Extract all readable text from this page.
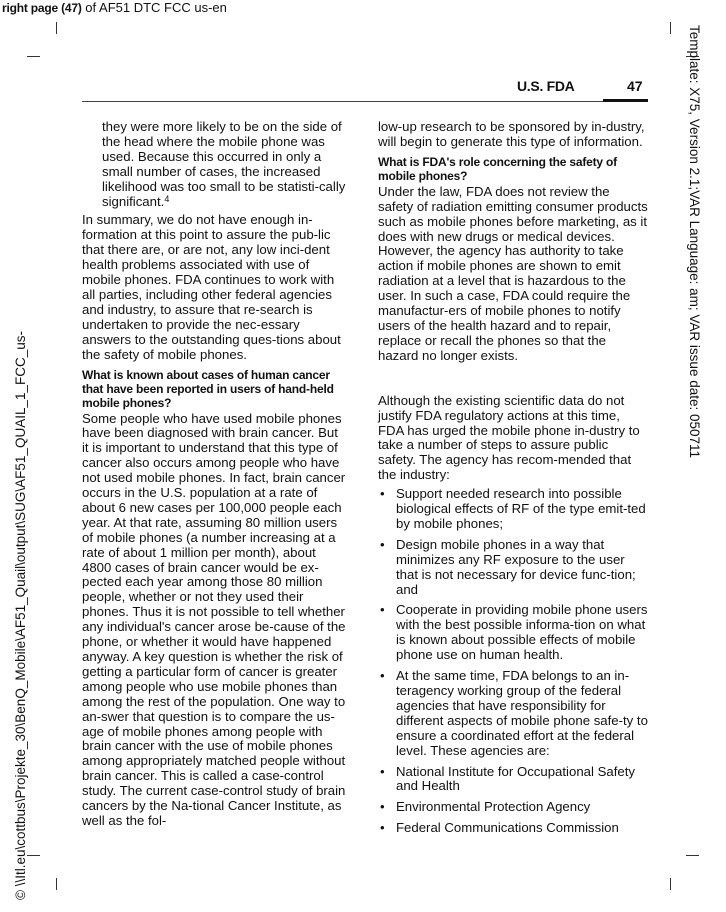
right page (47) of AF51 DTC FCC us-en
© \\Itl.eu\cottbus\Projekte_30\BenQ_Mobile\AF51_Quail\output\SUG\AF51_QUAIL_1_FCC_us-
Template: X75, Version 2.1;VAR Language: am; VAR issue date: 050711
U.S. FDA	47

they were more likely to be on the side of the head where the mobile phone was used. Because this occurred in only a small number of cases, the increased likelihood was too small to be statisti-cally significant.$^4$

In summary, we do not have enough in-formation at this point to assure the pub-lic that there are, or are not, any low inci-dent health problems associated with use of mobile phones. FDA continues to work with all parties, including other federal agencies and industry, to assure that re-search is undertaken to provide the nec-essary answers to the outstanding ques-tions about the safety of mobile phones.

What is known about cases of human cancer that have been reported in users of hand-held mobile phones?

Some people who have used mobile phones have been diagnosed with brain cancer. But it is important to understand that this type of cancer also occurs among people who have not used mobile phones. In fact, brain cancer occurs in the U.S. population at a rate of about 6 new cases per 100,000 people each year. At that rate, assuming 80 million users of mobile phones (a number increasing at a rate of about 1 million per month), about 4800 cases of brain cancer would be ex-pected each year among those 80 million people, whether or not they used their phones. Thus it is not possible to tell whether any individual's cancer arose be-cause of the phone, or whether it would have happened anyway. A key question is whether the risk of getting a particular form of cancer is greater among people who use mobile phones than among the rest of the population. One way to an-swer that question is to compare the us-age of mobile phones among people with brain cancer with the use of mobile phones among appropriately matched people without brain cancer. This is called a case-control study. The current case-control study of brain cancers by the Na-tional Cancer Institute, as well as the fol-

low-up research to be sponsored by in-dustry, will begin to generate this type of information.

What is FDA's role concerning the safety of mobile phones?

Under the law, FDA does not review the safety of radiation emitting consumer products such as mobile phones before marketing, as it does with new drugs or medical devices. However, the agency has authority to take action if mobile phones are shown to emit radiation at a level that is hazardous to the user. In such a case, FDA could require the manufactur-ers of mobile phones to notify users of the health hazard and to repair, replace or recall the phones so that the hazard no longer exists.

Although the existing scientific data do not justify FDA regulatory actions at this time, FDA has urged the mobile phone in-dustry to take a number of steps to assure public safety. The agency has recom-mended that the industry:

• Support needed research into possible biological effects of RF of the type emit-ted by mobile phones;
• Design mobile phones in a way that minimizes any RF exposure to the user that is not necessary for device func-tion; and
• Cooperate in providing mobile phone users with the best possible informa-tion on what is known about possible effects of mobile phone use on human health.
• At the same time, FDA belongs to an in-teragency working group of the federal agencies that have responsibility for different aspects of mobile phone safe-ty to ensure a coordinated effort at the federal level. These agencies are:
• National Institute for Occupational Safety and Health
• Environmental Protection Agency
• Federal Communications Commission
